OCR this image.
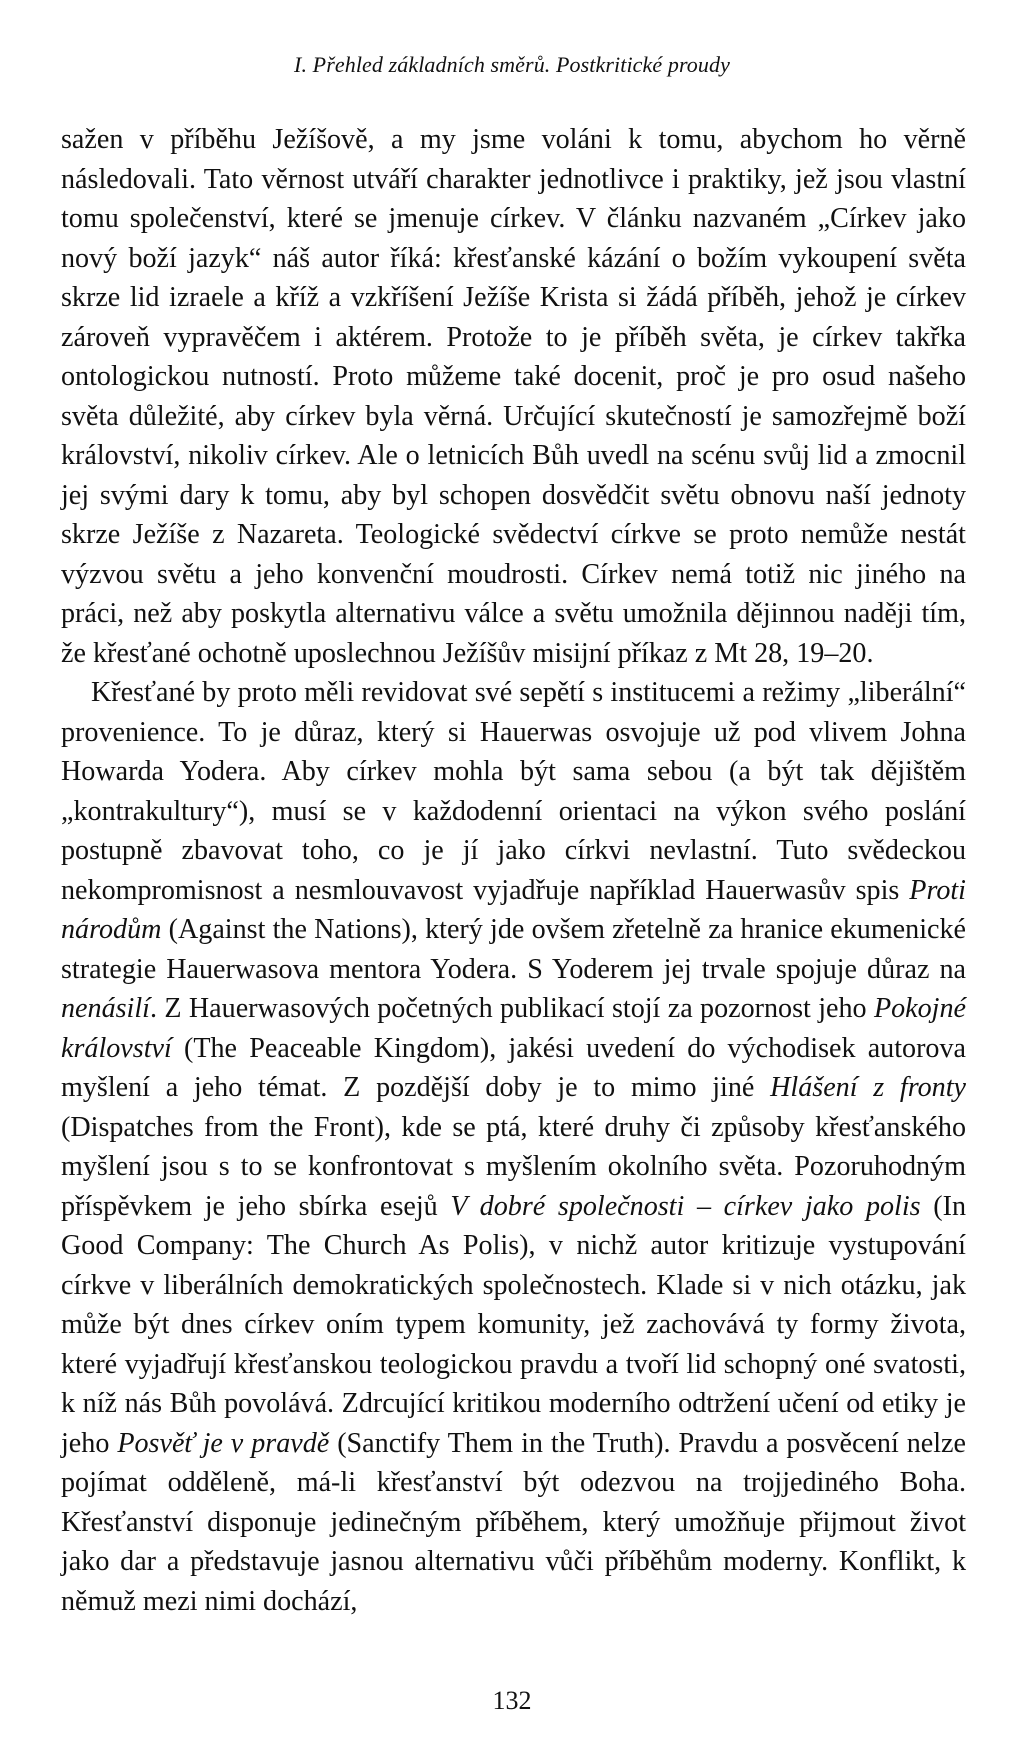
I. Přehled základních směrů. Postkritické proudy

sažen v příběhu Ježíšově, a my jsme voláni k tomu, abychom ho věrně následovali. Tato věrnost utváří charakter jednotlivce i praktiky, jež jsou vlastní tomu společenství, které se jmenuje církev. V článku nazvaném „Církev jako nový boží jazyk“ náš autor říká: křesťanské kázání o božím vykoupení světa skrze lid izraele a kříž a vzkříšení Ježíše Krista si žádá příběh, jehož je církev zároveň vypravěčem i aktérem. Protože to je příběh světa, je církev takřka ontologickou nutností. Proto můžeme také docenit, proč je pro osud našeho světa důležité, aby církev byla věrná. Určující skutečností je samozřejmě boží království, nikoliv církev. Ale o letnicích Bůh uvedl na scénu svůj lid a zmocnil jej svými dary k tomu, aby byl schopen dosvědčit světu obnovu naší jednoty skrze Ježíše z Nazareta. Teologické svědectví církve se proto nemůže nestát výzvou světu a jeho konvenční moudrosti. Církev nemá totiž nic jiného na práci, než aby poskytla alternativu válce a světu umožnila dějinnou naději tím, že křesťané ochotně uposlechnou Ježíšův misijní příkaz z Mt 28, 19–20.

Křesťané by proto měli revidovat své sepětí s institucemi a režimy „liberální“ provenience. To je důraz, který si Hauerwas osvojuje už pod vlivem Johna Howarda Yodera. Aby církev mohla být sama sebou (a být tak dějištěm „kontrakultury“), musí se v každodenní orientaci na výkon svého poslání postupně zbavovat toho, co je jí jako církvi nevlastní. Tuto svědeckou nekompromisnost a nesmlouvavost vyjadřuje například Hauerwasův spis Proti národům (Against the Nations), který jde ovšem zřetelně za hranice ekumenické strategie Hauerwasova mentora Yodera. S Yoderem jej trvale spojuje důraz na nenásilí. Z Hauerwasových početných publikací stojí za pozornost jeho Pokojné království (The Peaceable Kingdom), jakési uvedení do východisek autorova myšlení a jeho témat. Z pozdější doby je to mimo jiné Hlášení z fronty (Dispatches from the Front), kde se ptá, které druhy či způsoby křesťanského myšlení jsou s to se konfrontovat s myšlením okolního světa. Pozoruhodným příspěvkem je jeho sbírka esejů V dobré společnosti – církev jako polis (In Good Company: The Church As Polis), v nichž autor kritizuje vystupování církve v liberálních demokratických společnostech. Klade si v nich otázku, jak může být dnes církev oním typem komunity, jež zachovává ty formy života, které vyjadřují křesťanskou teologickou pravdu a tvoří lid schopný oné svatosti, k níž nás Bůh povolává. Zdrcující kritikou moderního odtržení učení od etiky je jeho Posvěť je v pravdě (Sanctify Them in the Truth). Pravdu a posvěcení nelze pojímat odděleně, má-li křesťanství být odezvou na trojjediného Boha. Křesťanství disponuje jedinečným příběhem, který umožňuje přijmout život jako dar a představuje jasnou alternativu vůči příběhům moderny. Konflikt, k němuž mezi nimi dochází,

132
